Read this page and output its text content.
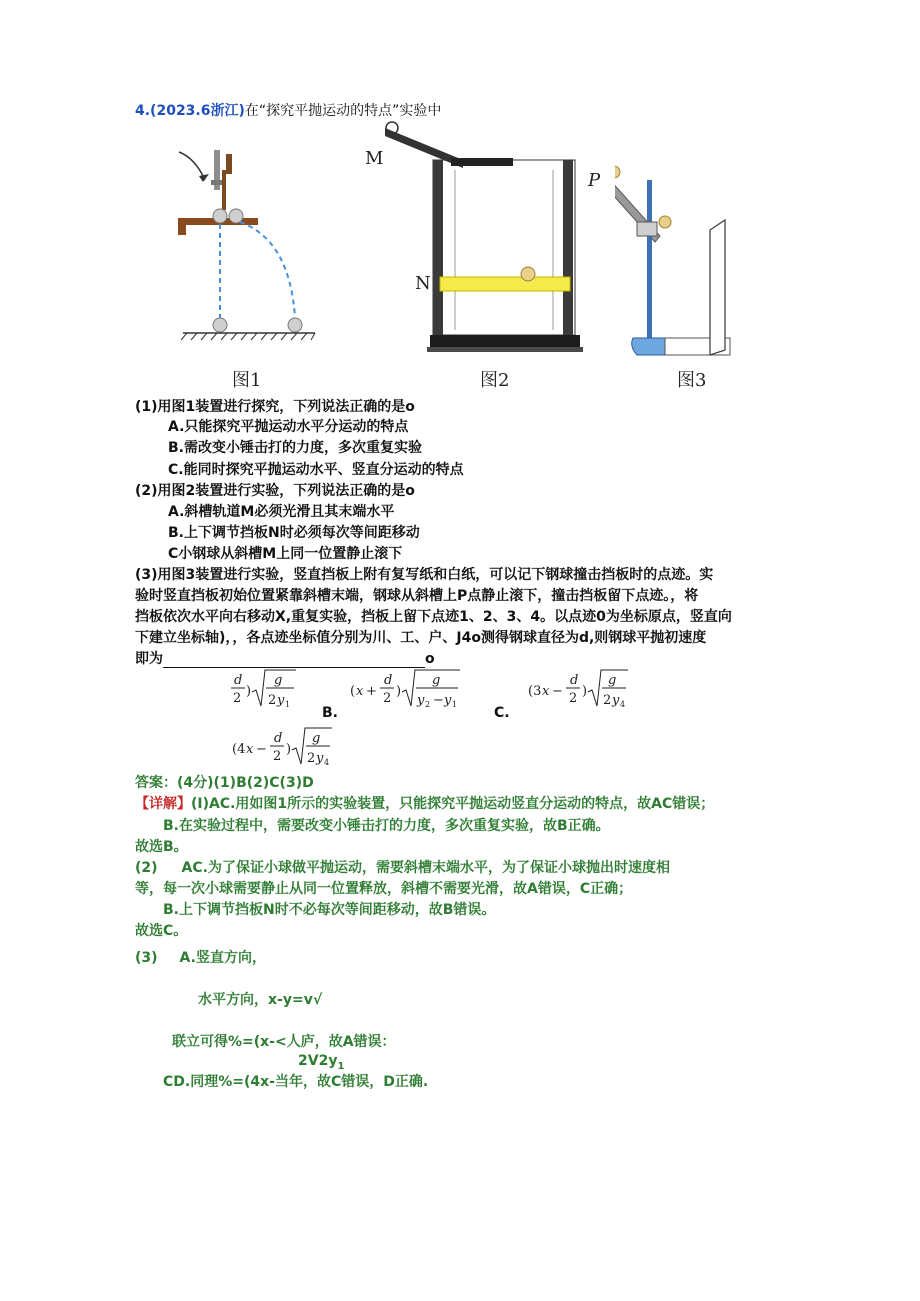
4.(2023.6浙江)在“探究平抛运动的特点”实验中
M
N
P
图1	图2	图3
(1)用图1装置进行探究，下列说法正确的是o
A.只能探究平抛运动水平分运动的特点
B.需改变小锤击打的力度，多次重复实验
C.能同时探究平抛运动水平、竖直分运动的特点
(2)用图2装置进行实验，下列说法正确的是o
A.斜槽轨道M必须光滑且其末端水平
B.上下调节挡板N时必须每次等间距移动
C小钢球从斜槽M上同一位置静止滚下
(3)用图3装置进行实验，竖直挡板上附有复写纸和白纸，可以记下钢球撞击挡板时的点迹。实
验时竖直挡板初始位置紧靠斜槽末端，钢球从斜槽上P点静止滚下，撞击挡板留下点迹。，将
挡板依次水平向右移动X,重复实验，挡板上留下点迹1、2、3、4。以点迹0为坐标原点，竖直向
下建立坐标轴)，，各点迹坐标值分别为川、工、户、J4o测得钢球直径为d,则钢球平抛初速度
即为	o
d
2 )
g
2 y 1
B.
( x +
d
2 )
g
y 2 − y 1
C.
(3 x −
d
2 )
g
2 y 4
(4 x −
d
2 )
g
2 y 4
答案：(4分)(1)B(2)C(3)D
【详解】(I)AC.用如图1所示的实验装置，只能探究平抛运动竖直分运动的特点，故AC错误；
B.在实验过程中，需要改变小锤击打的力度，多次重复实验，故B正确。
故选B。
(2) AC.为了保证小球做平抛运动，需要斜槽末端水平，为了保证小球抛出时速度相
等，每一次小球需要静止从同一位置释放，斜槽不需要光滑，故A错误，C正确；
B.上下调节挡板N时不必每次等间距移动，故B错误。
故选C。
(3) A.竖直方向，
水平方向，x-y=v√
联立可得%=(x-<人庐，故A错误：
$2V2y_1$
CD.同理%=(4x-当年，故C错误，D正确.
